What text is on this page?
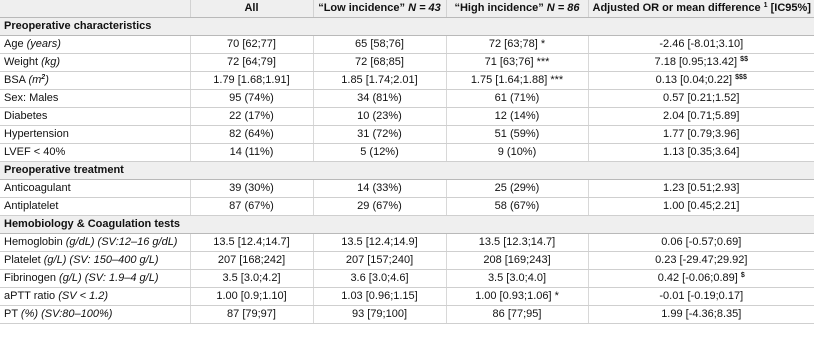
	All	“Low incidence” N = 43	“High incidence” N = 86	Adjusted OR or mean difference $^1$ [IC95%]
Preoperative characteristics				
Age (years)	70 [62;77]	65 [58;76]	72 [63;78] *	-2.46 [-8.01;3.10]
Weight (kg)	72 [64;79]	72 [68;85]	71 [63;76] ***	7.18 [0.95;13.42] $$
BSA $(m^2)$	1.79 [1.68;1.91]	1.85 [1.74;2.01]	1.75 [1.64;1.88] ***	0.13 [0.04;0.22] $$$
Sex: Males	95 (74%)	34 (81%)	61 (71%)	0.57 [0.21;1.52]
Diabetes	22 (17%)	10 (23%)	12 (14%)	2.04 [0.71;5.89]
Hypertension	82 (64%)	31 (72%)	51 (59%)	1.77 [0.79;3.96]
LVEF < 40%	14 (11%)	5 (12%)	9 (10%)	1.13 [0.35;3.64]
Preoperative treatment				
Anticoagulant	39 (30%)	14 (33%)	25 (29%)	1.23 [0.51;2.93]
Antiplatelet	87 (67%)	29 (67%)	58 (67%)	1.00 [0.45;2.21]
Hemobiology & Coagulation tests				
Hemoglobin (g/dL) (SV:12–16 g/dL)	13.5 [12.4;14.7]	13.5 [12.4;14.9]	13.5 [12.3;14.7]	0.06 [-0.57;0.69]
Platelet (g/L) (SV: 150–400 g/L)	207 [168;242]	207 [157;240]	208 [169;243]	0.23 [-29.47;29.92]
Fibrinogen (g/L) (SV: 1.9–4 g/L)	3.5 [3.0;4.2]	3.6 [3.0;4.6]	3.5 [3.0;4.0]	0.42 [-0.06;0.89] $
aPTT ratio (SV < 1.2)	1.00 [0.9;1.10]	1.03 [0.96;1.15]	1.00 [0.93;1.06] *	-0.01 [-0.19;0.17]
PT (%) (SV:80–100%)	87 [79;97]	93 [79;100]	86 [77;95]	1.99 [-4.36;8.35]
